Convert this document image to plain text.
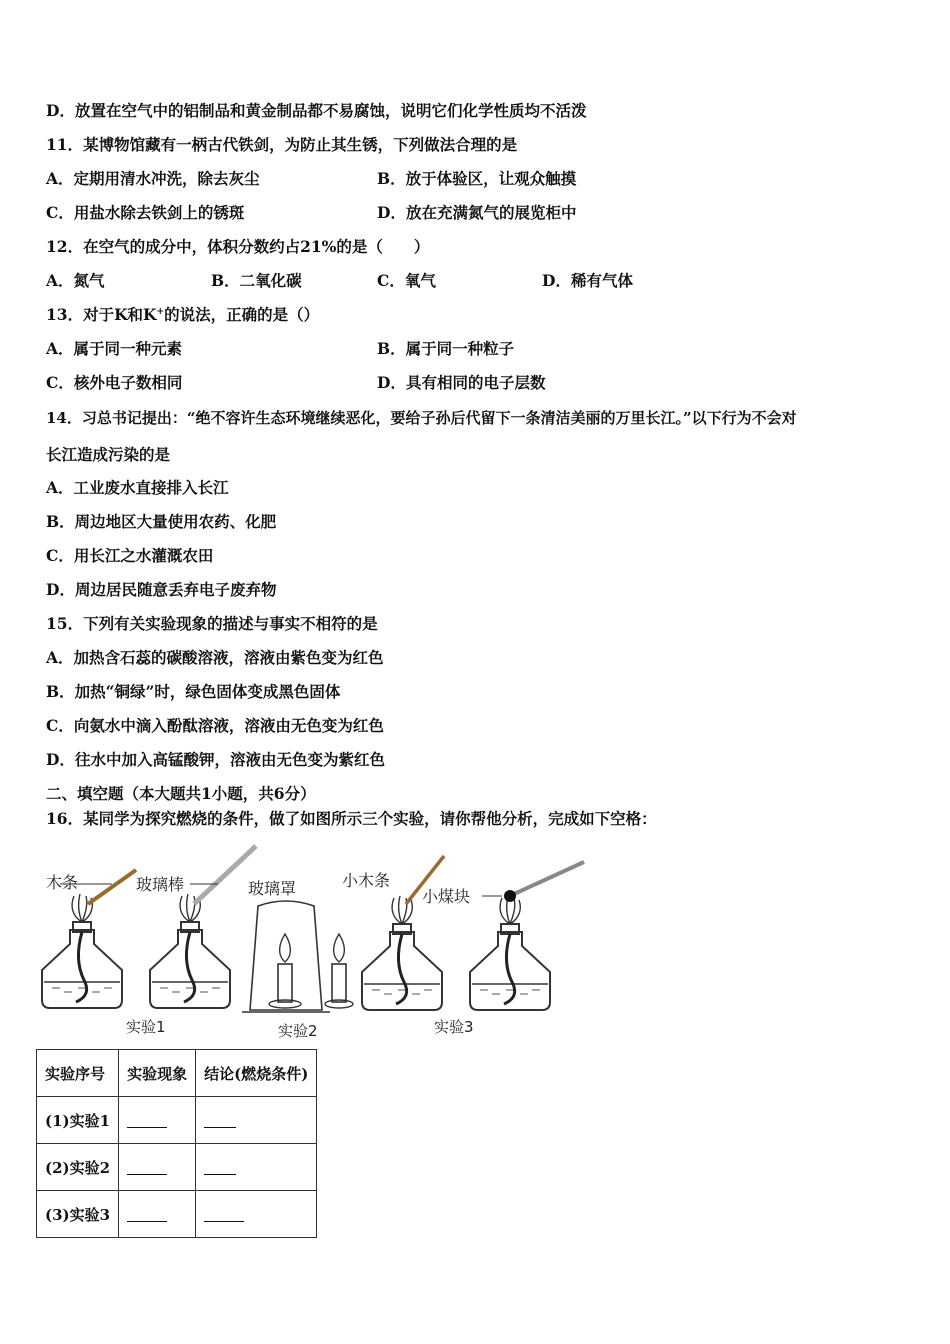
D．放置在空气中的铝制品和黄金制品都不易腐蚀，说明它们化学性质均不活泼
11．某博物馆藏有一柄古代铁剑，为防止其生锈，下列做法合理的是
A．定期用清水冲洗，除去灰尘	B．放于体验区，让观众触摸
C．用盐水除去铁剑上的锈斑	D．放在充满氮气的展览柜中
12．在空气的成分中，体积分数约占21%的是（　　）
A．氮气	B．二氧化碳	C．氧气	D．稀有气体
13．对于K和K+的说法，正确的是（）
A．属于同一种元素	B．属于同一种粒子
C．核外电子数相同	D．具有相同的电子层数
14．习总书记提出：“绝不容许生态环境继续恶化，要给子孙后代留下一条清洁美丽的万里长江。”以下行为不会对
长江造成污染的是
A．工业废水直接排入长江
B．周边地区大量使用农药、化肥
C．用长江之水灌溉农田
D．周边居民随意丢弃电子废弃物
15．下列有关实验现象的描述与事实不相符的是
A．加热含石蕊的碳酸溶液，溶液由紫色变为红色
B．加热“铜绿”时，绿色固体变成黑色固体
C．向氨水中滴入酚酞溶液，溶液由无色变为红色
D．往水中加入高锰酸钾，溶液由无色变为紫红色
二、填空题（本大题共1小题，共6分）
16．某同学为探究燃烧的条件，做了如图所示三个实验，请你帮他分析，完成如下空格：
木条	玻璃棒	玻璃罩	小木条
小煤块
实验1	实验2	实验3
实验序号	实验现象	结论(燃烧条件)
(1)实验1		
(2)实验2		
(3)实验3		
